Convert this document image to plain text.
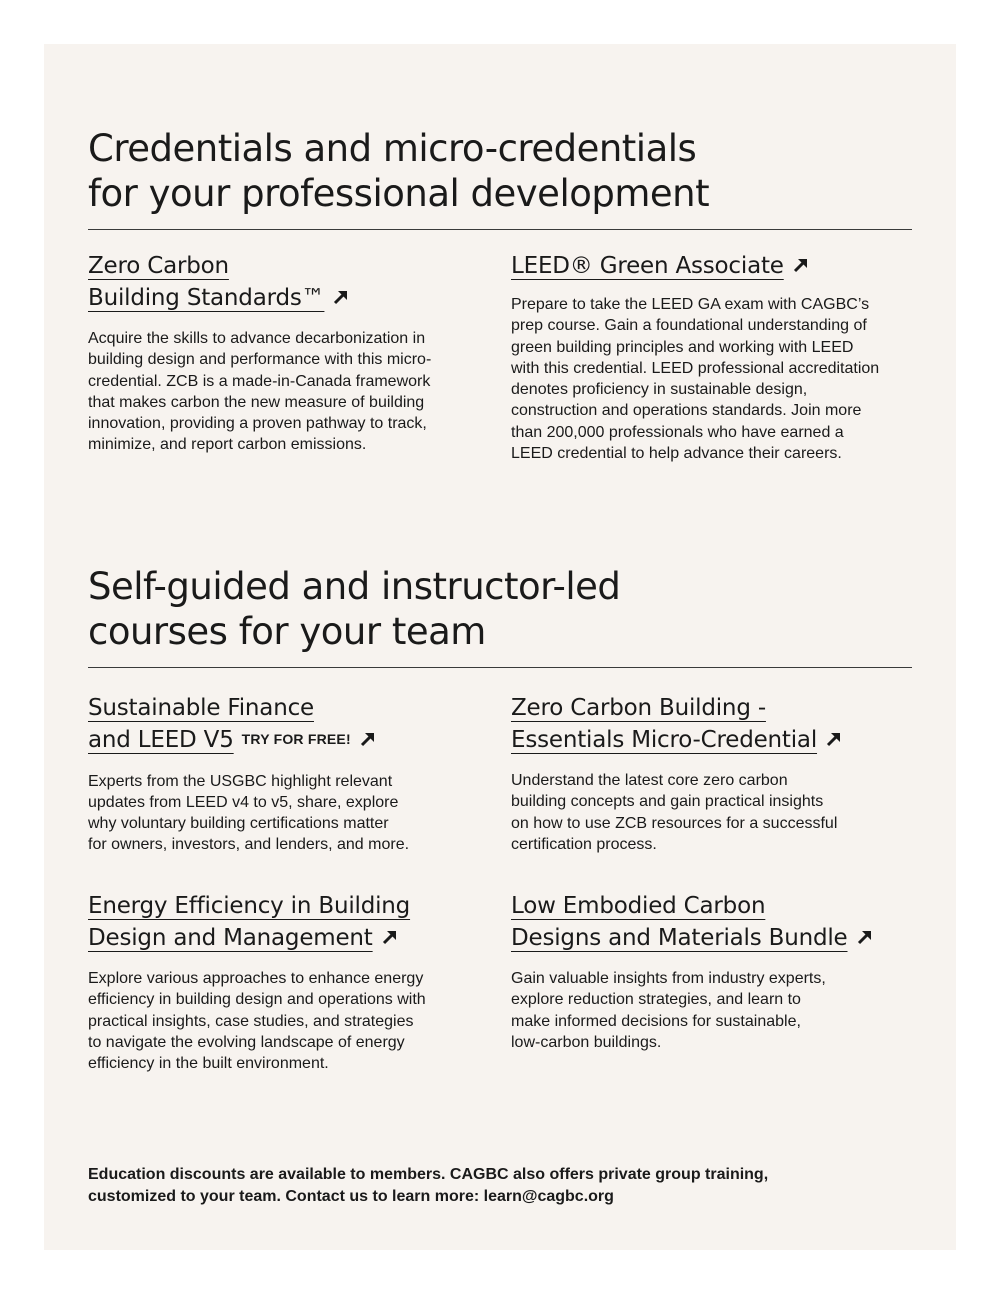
Credentials and micro-credentials
for your professional development
Zero Carbon
Building Standards™

Acquire the skills to advance decarbonization in
building design and performance with this micro-
credential. ZCB is a made-in-Canada framework
that makes carbon the new measure of building
innovation, providing a proven pathway to track,
minimize, and report carbon emissions.

LEED® Green Associate

Prepare to take the LEED GA exam with CAGBC’s
prep course. Gain a foundational understanding of
green building principles and working with LEED
with this credential. LEED professional accreditation
denotes proficiency in sustainable design,
construction and operations standards. Join more
than 200,000 professionals who have earned a
LEED credential to help advance their careers.

Self-guided and instructor-led
courses for your team
Sustainable Finance
and LEED V5 TRY FOR FREE!

Experts from the USGBC highlight relevant
updates from LEED v4 to v5, share, explore
why voluntary building certifications matter
for owners, investors, and lenders, and more.

Zero Carbon Building -
Essentials Micro-Credential

Understand the latest core zero carbon
building concepts and gain practical insights
on how to use ZCB resources for a successful
certification process.

Energy Efficiency in Building
Design and Management

Explore various approaches to enhance energy
efficiency in building design and operations with
practical insights, case studies, and strategies
to navigate the evolving landscape of energy
efficiency in the built environment.

Low Embodied Carbon
Designs and Materials Bundle

Gain valuable insights from industry experts,
explore reduction strategies, and learn to
make informed decisions for sustainable,
low-carbon buildings.

Education discounts are available to members. CAGBC also offers private group training,
customized to your team. Contact us to learn more: learn@cagbc.org
